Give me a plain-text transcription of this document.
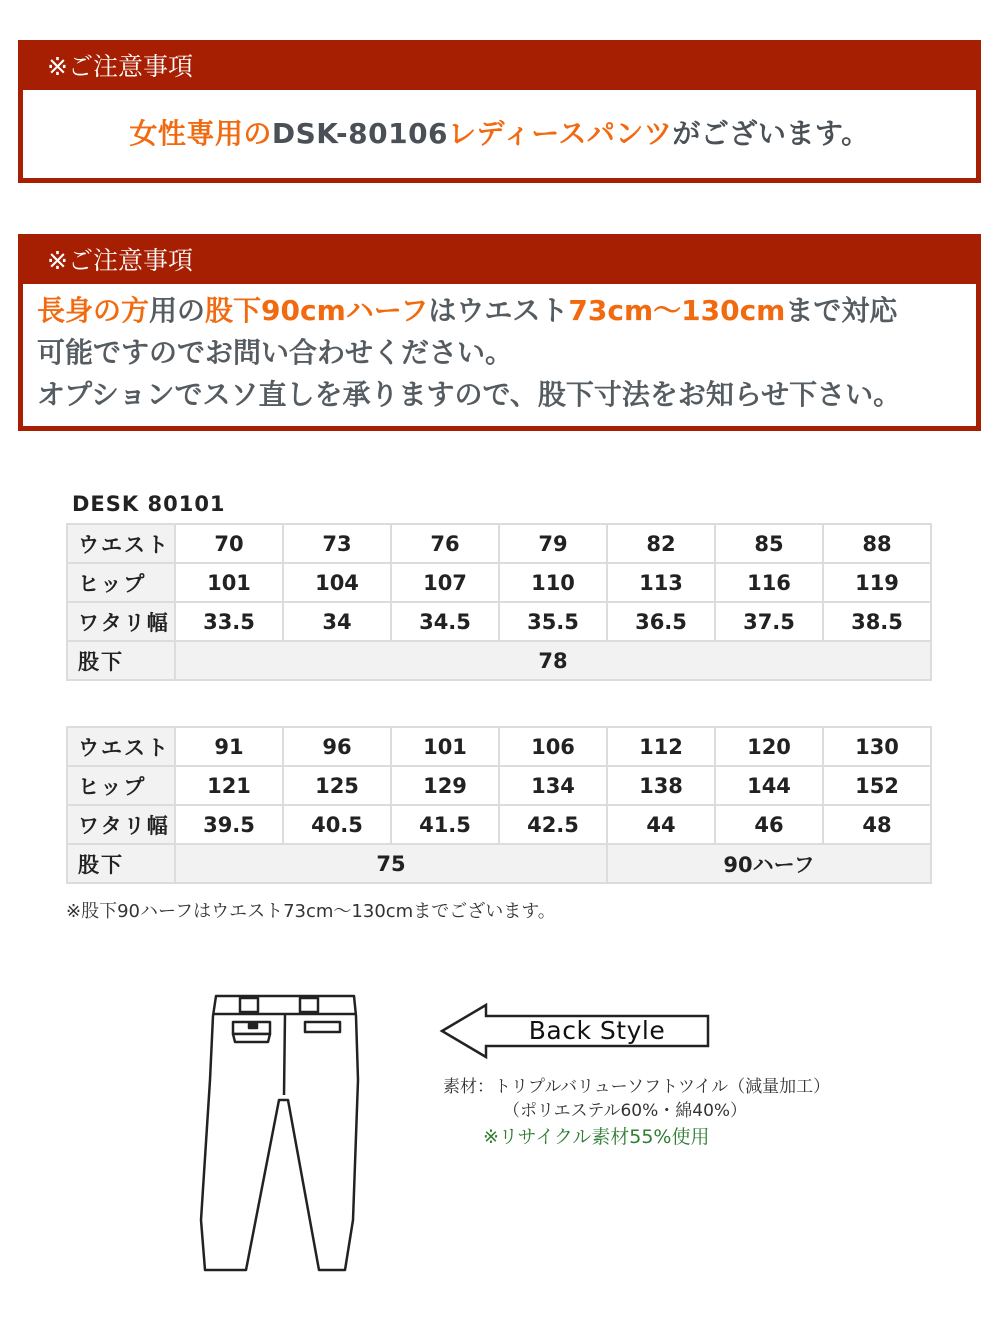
※ご注意事項
女性専用のDSK-80106レディースパンツがございます。
※ご注意事項
長身の方用の股下90cmハーフはウエスト73cm〜130cmまで対応
可能ですのでお問い合わせください。
オプションでスソ直しを承りますので、股下寸法をお知らせ下さい。
DESK 80101
ウエスト	70	73	76	79	82	85	88
ヒップ	101	104	107	110	113	116	119
ワタリ幅	33.5	34	34.5	35.5	36.5	37.5	38.5
股下	78						
ウエスト	91	96	101	106	112	120	130
ヒップ	121	125	129	134	138	144	152
ワタリ幅	39.5	40.5	41.5	42.5	44	46	48
股下	75				90ハーフ		
※股下90ハーフはウエスト73cm〜130cmまでございます。
Back Style
素材：トリプルバリューソフトツイル（減量加工）
（ポリエステル60%・綿40%）
※リサイクル素材55%使用
